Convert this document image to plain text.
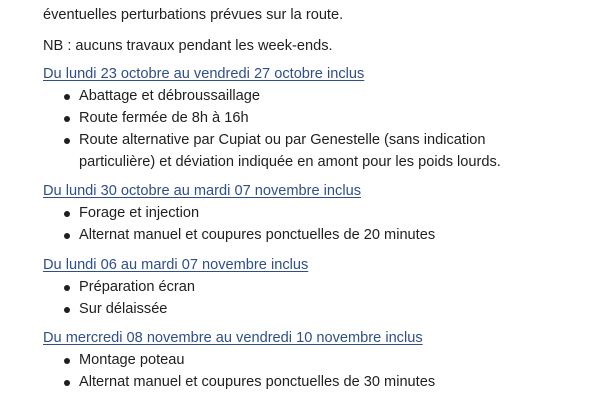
éventuelles perturbations prévues sur la route.
NB : aucuns travaux pendant les week-ends.
Du lundi 23 octobre au vendredi 27 octobre inclus
Abattage et débroussaillage
Route fermée de 8h à 16h
Route alternative par Cupiat ou par Genestelle (sans indication
particulière) et déviation indiquée en amont pour les poids lourds.
Du lundi 30 octobre au mardi 07 novembre inclus
Forage et injection
Alternat manuel et coupures ponctuelles de 20 minutes
Du lundi 06 au mardi 07 novembre inclus
Préparation écran
Sur délaissée
Du mercredi 08 novembre au vendredi 10 novembre inclus
Montage poteau
Alternat manuel et coupures ponctuelles de 30 minutes
